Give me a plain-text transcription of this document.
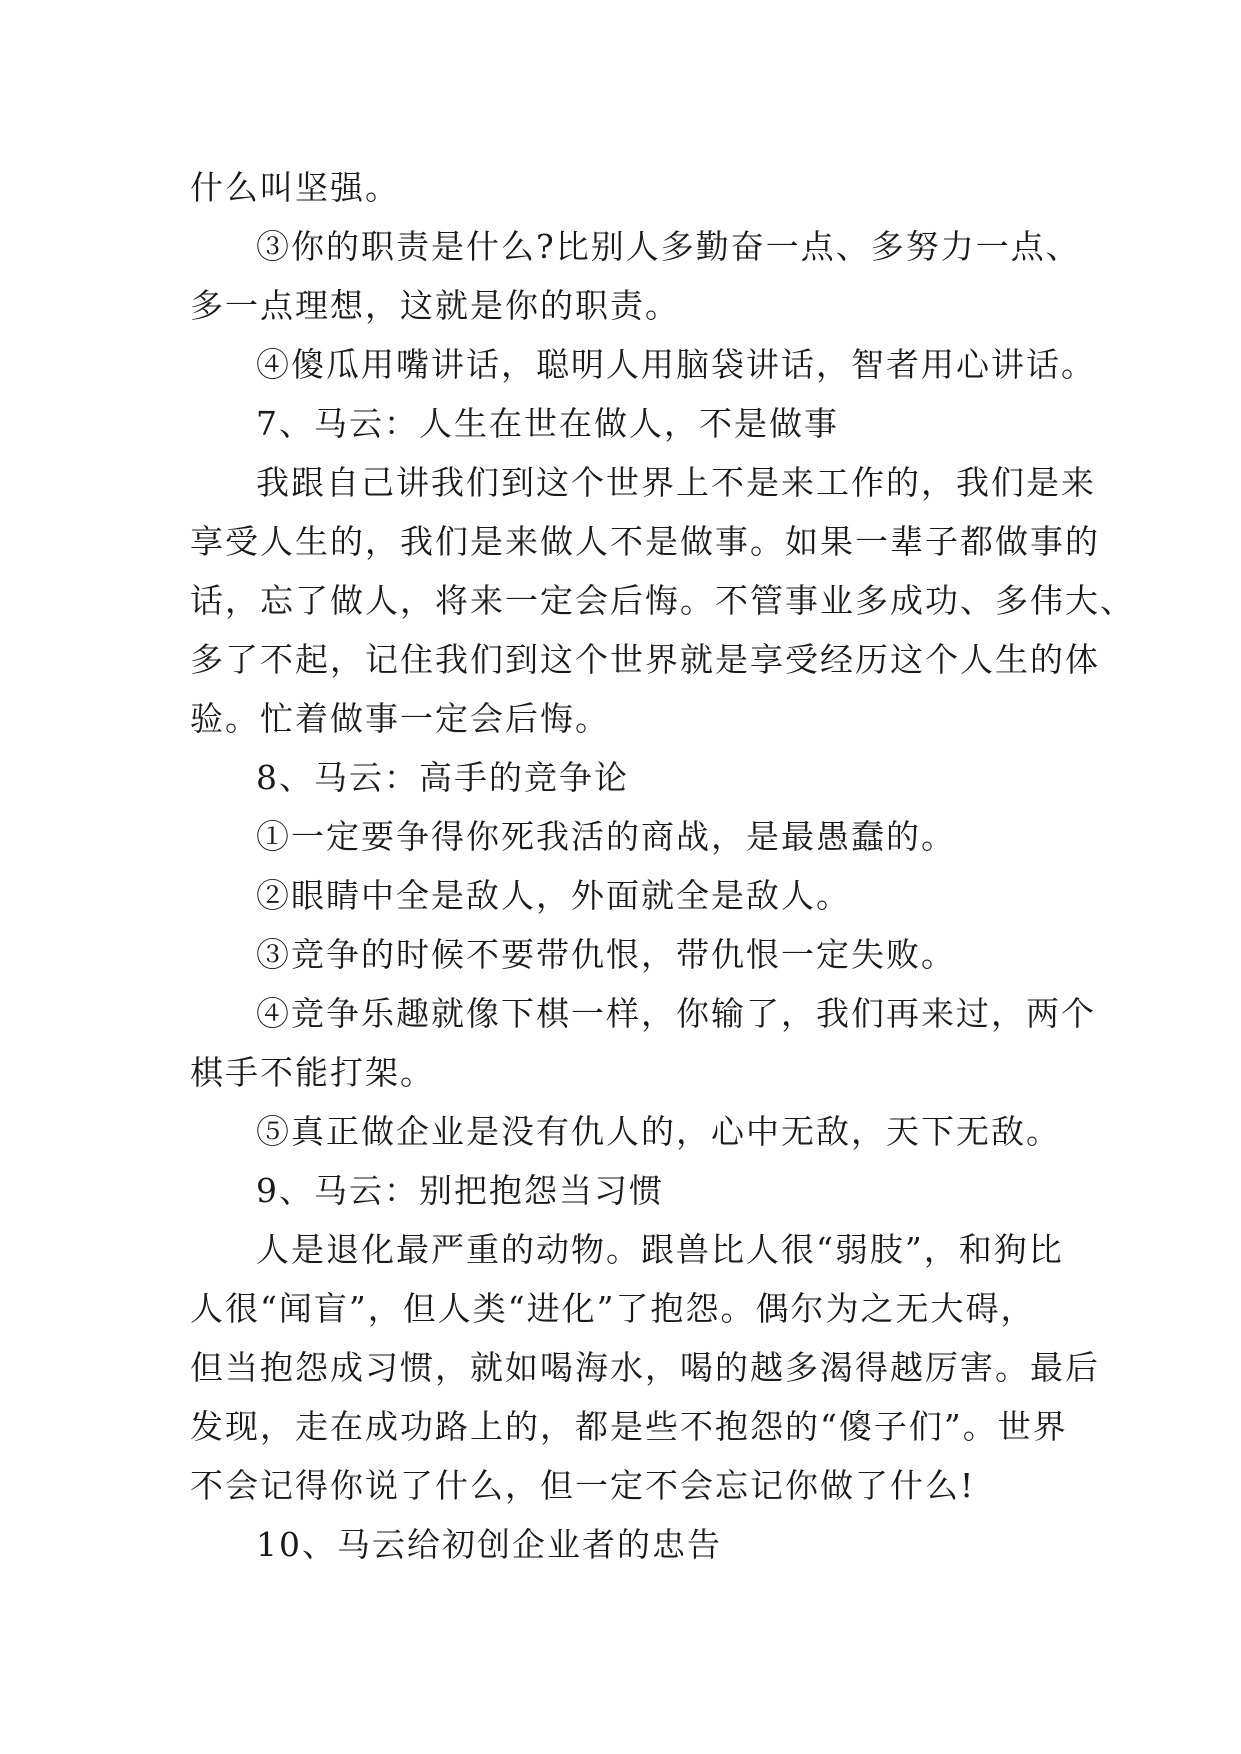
什么叫坚强。

③你的职责是什么?比别人多勤奋一点、多努力一点、

多一点理想，这就是你的职责。

④傻瓜用嘴讲话，聪明人用脑袋讲话，智者用心讲话。

7、马云：人生在世在做人，不是做事

我跟自己讲我们到这个世界上不是来工作的，我们是来

享受人生的，我们是来做人不是做事。如果一辈子都做事的

话，忘了做人，将来一定会后悔。不管事业多成功、多伟大、

多了不起，记住我们到这个世界就是享受经历这个人生的体

验。忙着做事一定会后悔。

8、马云：高手的竞争论

①一定要争得你死我活的商战，是最愚蠢的。

②眼睛中全是敌人，外面就全是敌人。

③竞争的时候不要带仇恨，带仇恨一定失败。

④竞争乐趣就像下棋一样，你输了，我们再来过，两个

棋手不能打架。

⑤真正做企业是没有仇人的，心中无敌，天下无敌。

9、马云：别把抱怨当习惯

人是退化最严重的动物。跟兽比人很“弱肢”，和狗比

人很“闻盲”，但人类“进化”了抱怨。偶尔为之无大碍，

但当抱怨成习惯，就如喝海水，喝的越多渴得越厉害。最后

发现，走在成功路上的，都是些不抱怨的“傻子们”。世界

不会记得你说了什么，但一定不会忘记你做了什么!

10、马云给初创企业者的忠告
